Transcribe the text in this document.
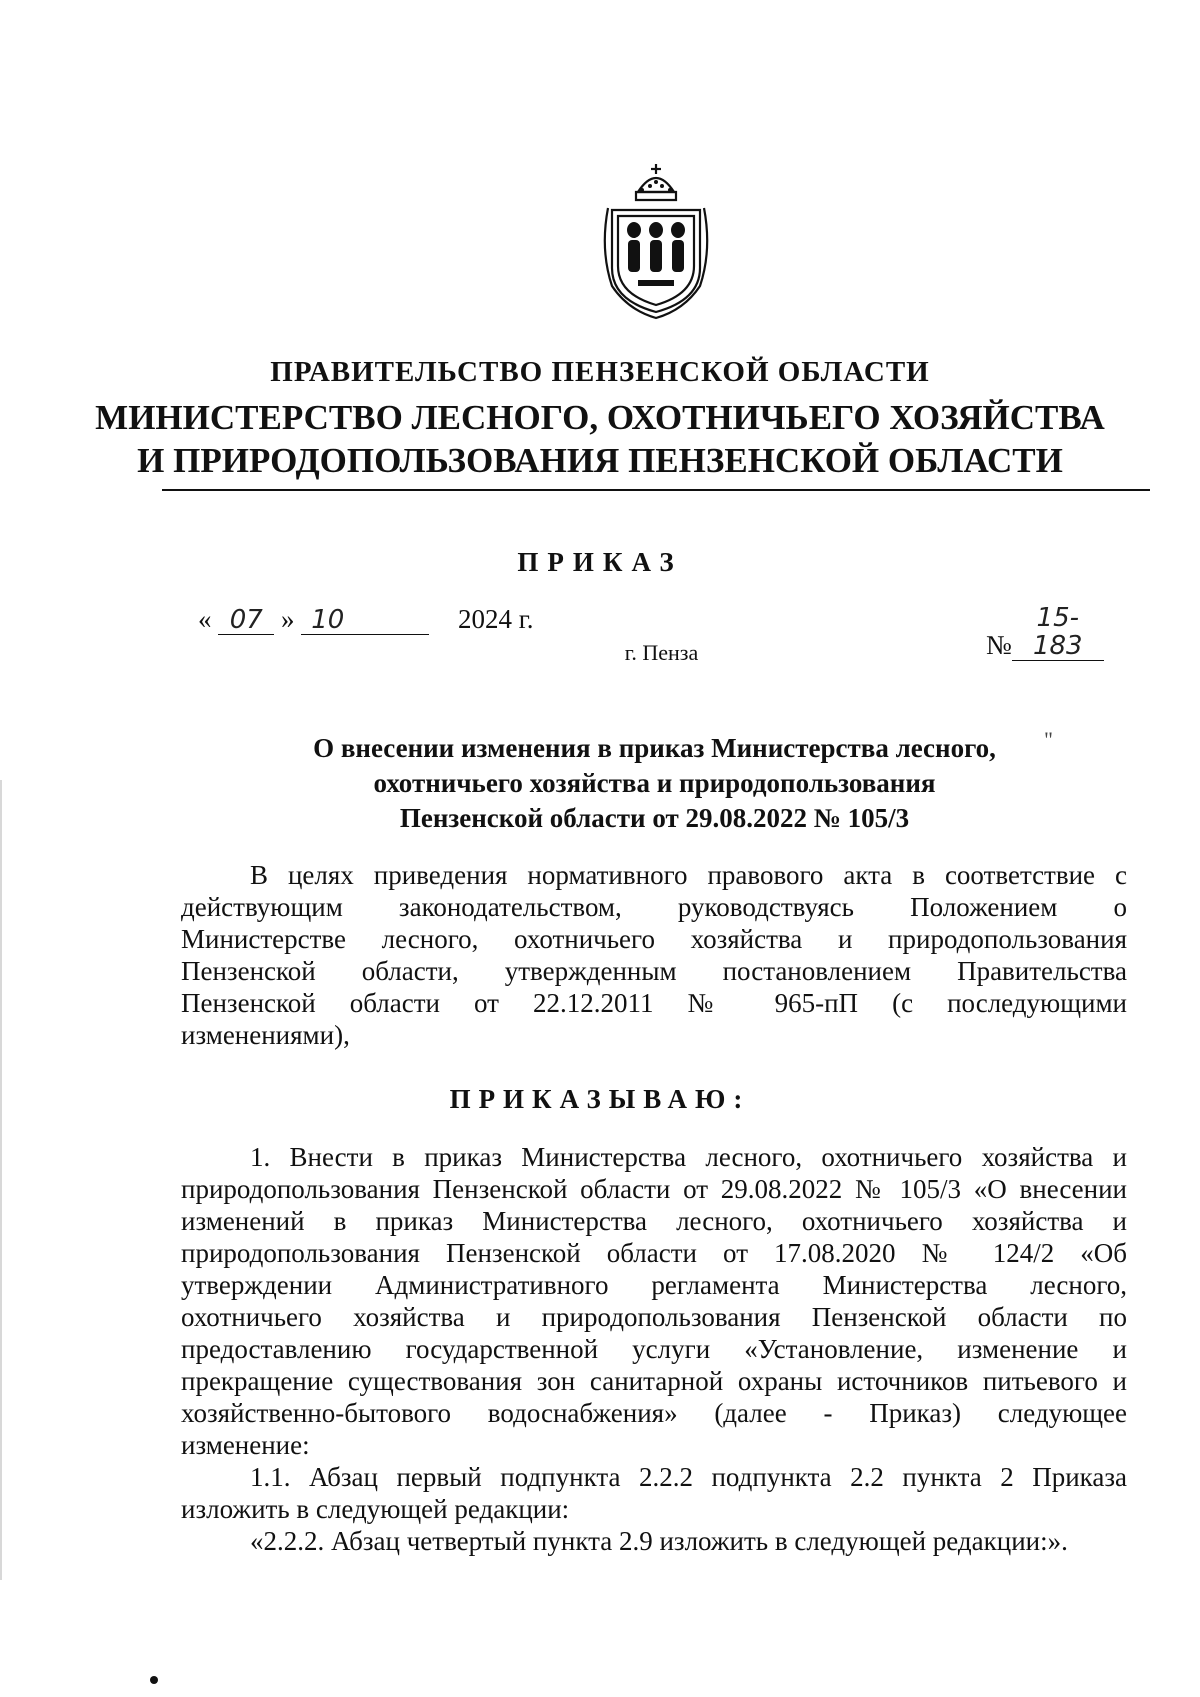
ПРАВИТЕЛЬСТВО ПЕНЗЕНСКОЙ ОБЛАСТИ
МИНИСТЕРСТВО ЛЕСНОГО, ОХОТНИЧЬЕГО ХОЗЯЙСТВА
И ПРИРОДОПОЛЬЗОВАНИЯ ПЕНЗЕНСКОЙ ОБЛАСТИ
ПРИКАЗ
« 07 » 10	2024 г.
№15-183
г. Пенза
О внесении изменения в приказ Министерства лесного,
охотничьего хозяйства и природопользования
Пензенской области от 29.08.2022 № 105/3
"
В целях приведения нормативного правового акта в соответствие с
действующим законодательством, руководствуясь Положением о
Министерстве лесного, охотничьего хозяйства и природопользования
Пензенской области, утвержденным постановлением Правительства
Пензенской области от 22.12.2011 № 965-пП (с последующими
изменениями),
ПРИКАЗЫВАЮ:
1. Внести в приказ Министерства лесного, охотничьего хозяйства и
природопользования Пензенской области от 29.08.2022 № 105/3 «О внесении
изменений в приказ Министерства лесного, охотничьего хозяйства и
природопользования Пензенской области от 17.08.2020 № 124/2 «Об
утверждении Административного регламента Министерства лесного,
охотничьего хозяйства и природопользования Пензенской области по
предоставлению государственной услуги «Установление, изменение и
прекращение существования зон санитарной охраны источников питьевого и
хозяйственно-бытового водоснабжения» (далее - Приказ) следующее
изменение:
1.1. Абзац первый подпункта 2.2.2 подпункта 2.2 пункта 2 Приказа
изложить в следующей редакции:
«2.2.2. Абзац четвертый пункта 2.9 изложить в следующей редакции:».
